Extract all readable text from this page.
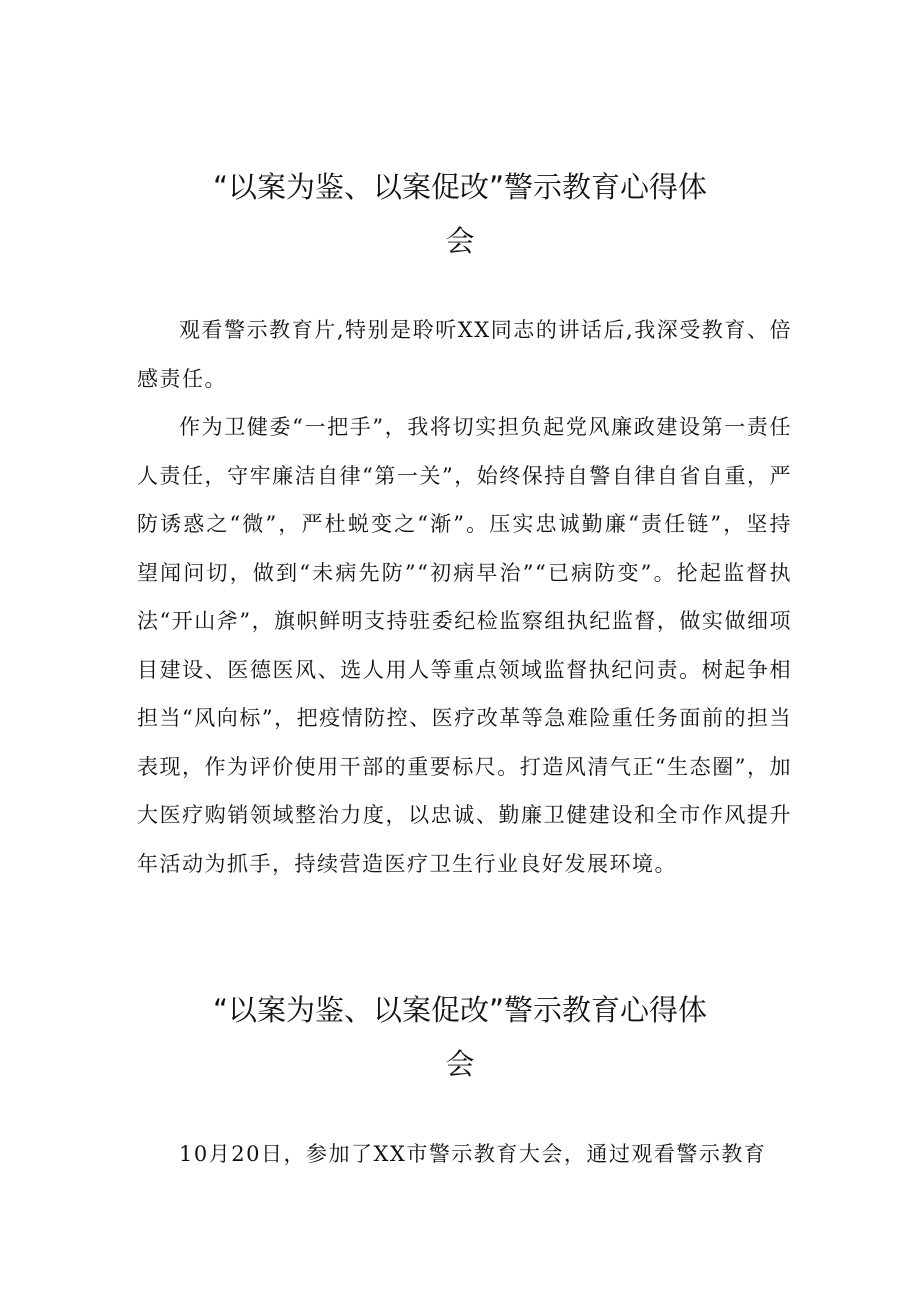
“以案为鉴、以案促改”警示教育心得体
会

观看警示教育片,特别是聆听XX同志的讲话后,我深受教育、倍感责任。

作为卫健委“一把手”，我将切实担负起党风廉政建设第一责任人责任，守牢廉洁自律“第一关”，始终保持自警自律自省自重，严防诱惑之“微”，严杜蜕变之“渐”。压实忠诚勤廉“责任链”，坚持望闻问切，做到“未病先防”“初病早治”“已病防变”。抡起监督执法“开山斧”，旗帜鲜明支持驻委纪检监察组执纪监督，做实做细项目建设、医德医风、选人用人等重点领域监督执纪问责。树起争相担当“风向标”，把疫情防控、医疗改革等急难险重任务面前的担当表现，作为评价使用干部的重要标尺。打造风清气正“生态圈”，加大医疗购销领域整治力度，以忠诚、勤廉卫健建设和全市作风提升年活动为抓手，持续营造医疗卫生行业良好发展环境。

“以案为鉴、以案促改”警示教育心得体
会

10月20日，参加了XX市警示教育大会，通过观看警示教育
